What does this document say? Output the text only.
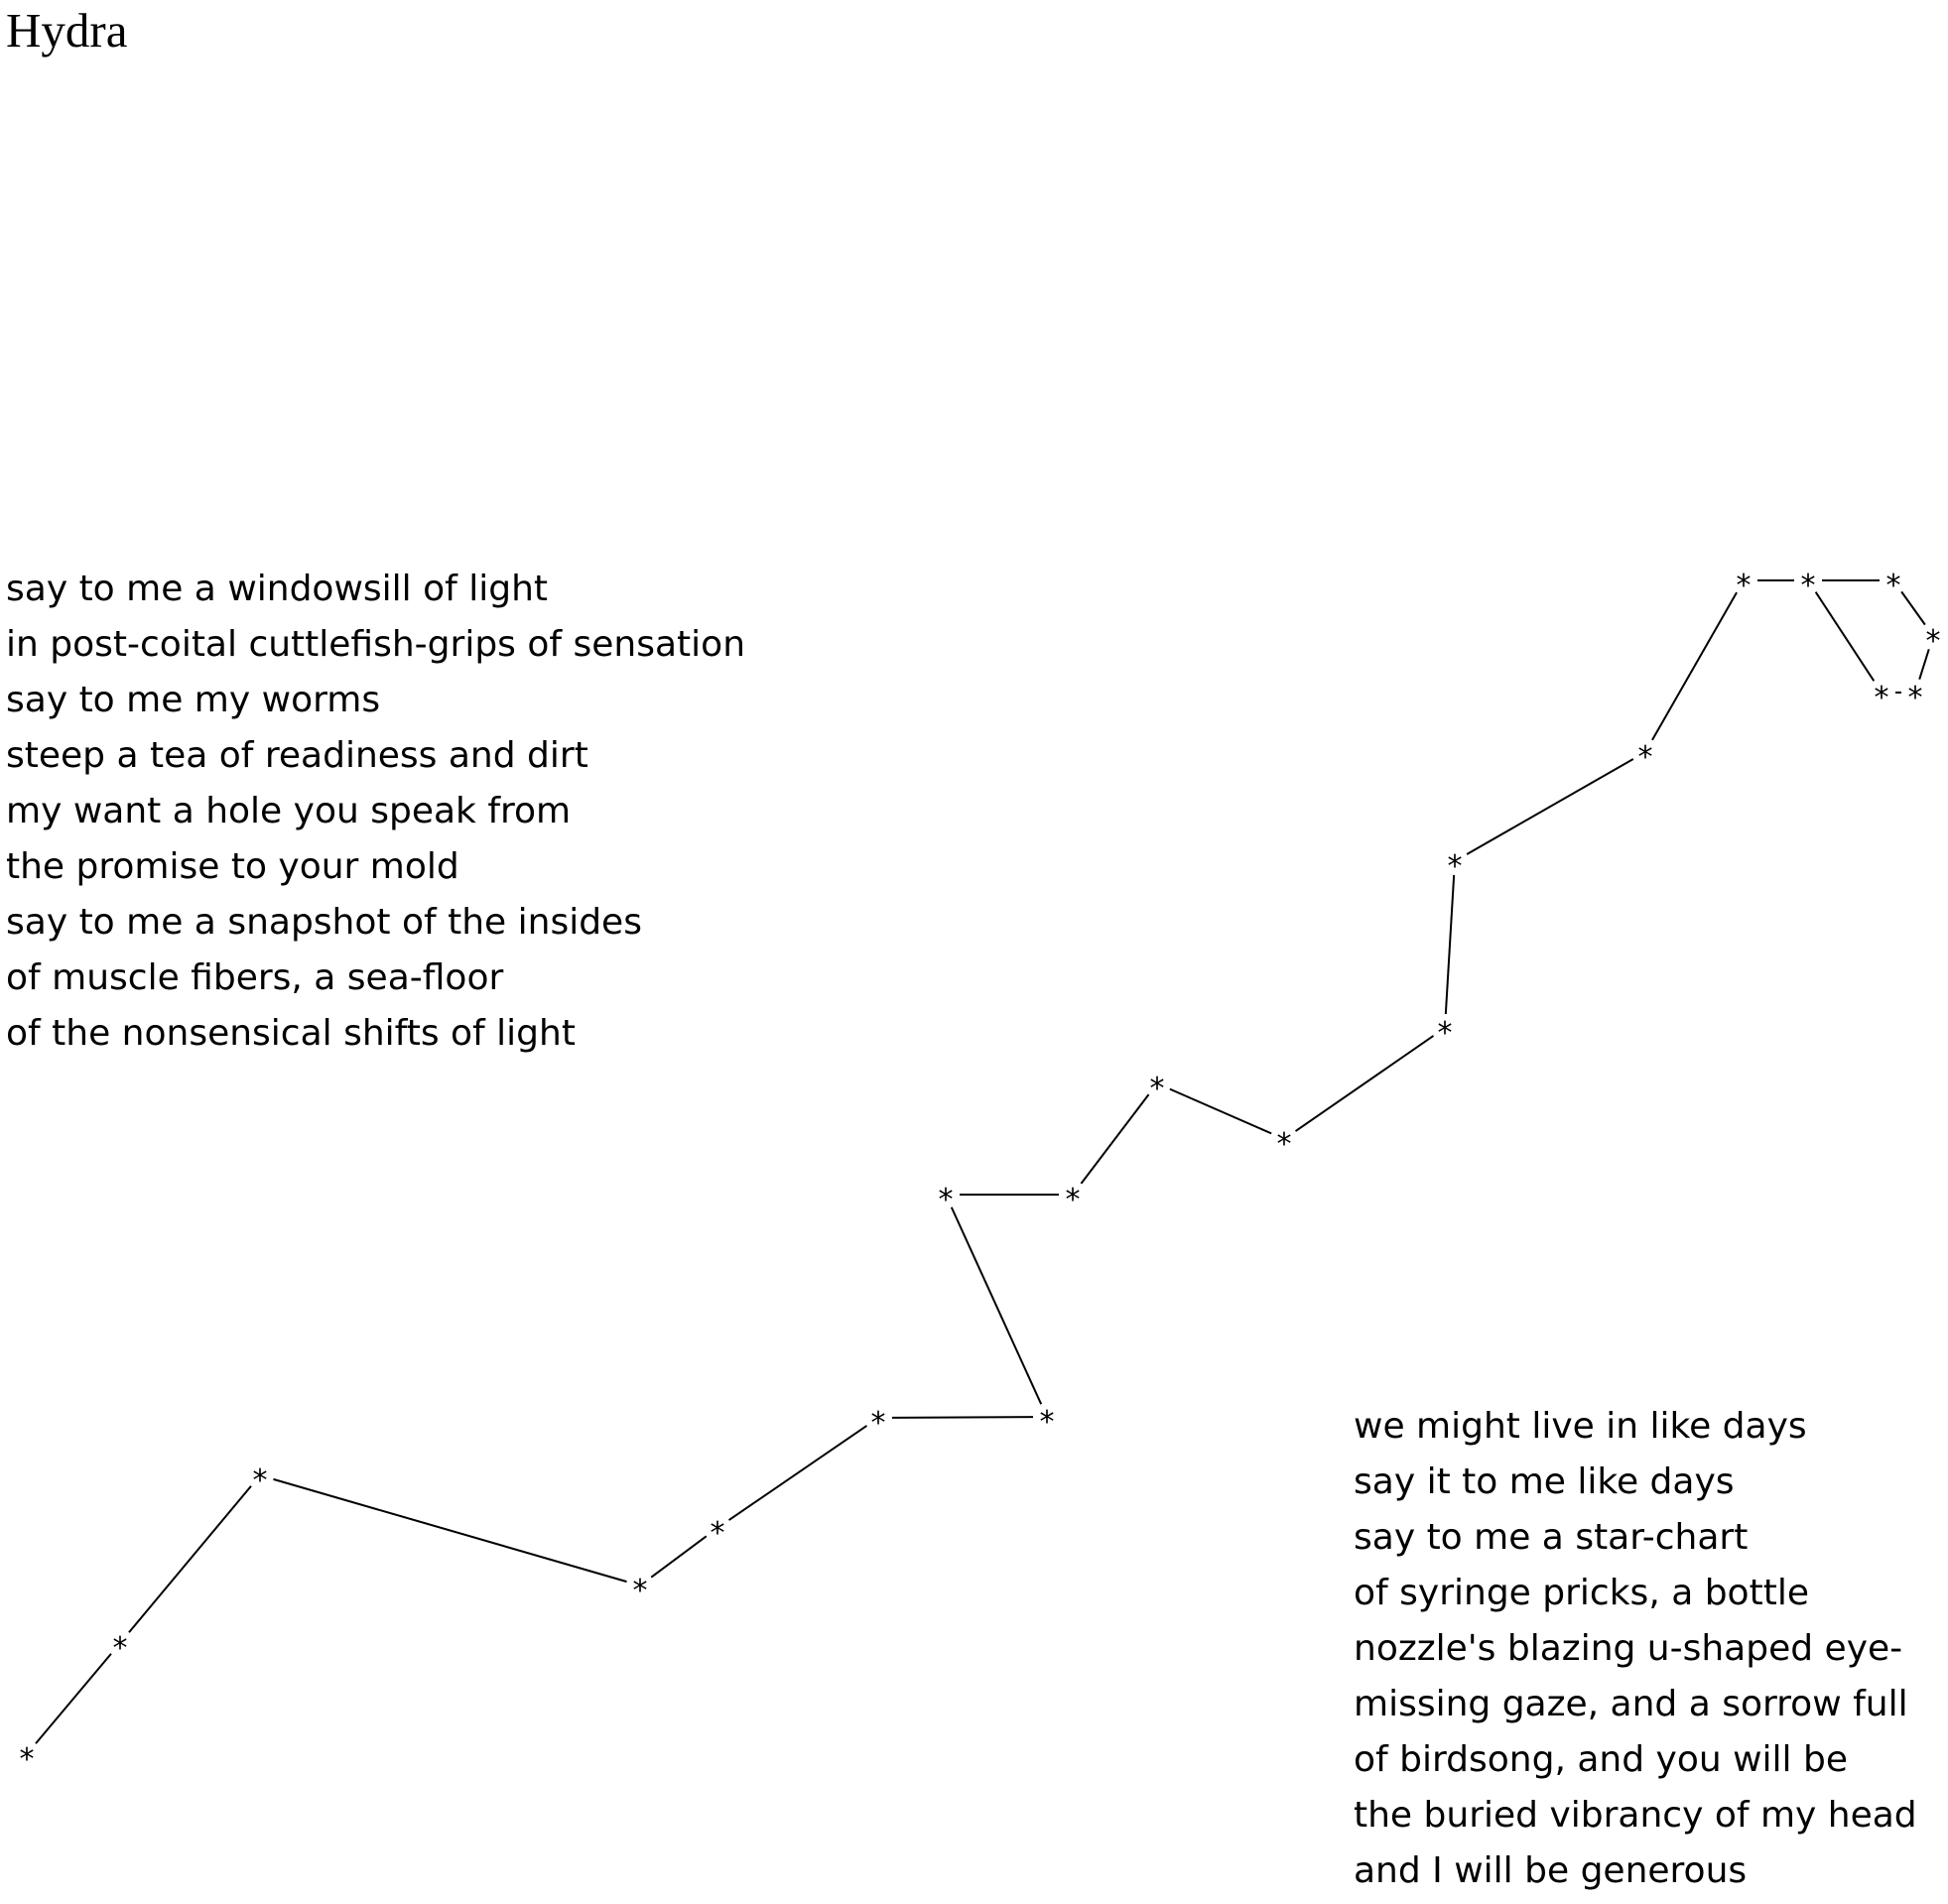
Hydra
say to me a windowsill of light
in post-coital cuttlefish-grips of sensation
say to me my worms
steep a tea of readiness and dirt
my want a hole you speak from
the promise to your mold
say to me a snapshot of the insides
of muscle fibers, a sea-floor
of the nonsensical shifts of light
we might live in like days
say it to me like days
say to me a star-chart
of syringe pricks, a bottle
nozzle's blazing u-shaped eye-
missing gaze, and a sorrow full
of birdsong, and you will be
the buried vibrancy of my head
and I will be generous
*
*
*
*
*
*	*
*	*
*
*
*
*
*
* * *
*
*
*
